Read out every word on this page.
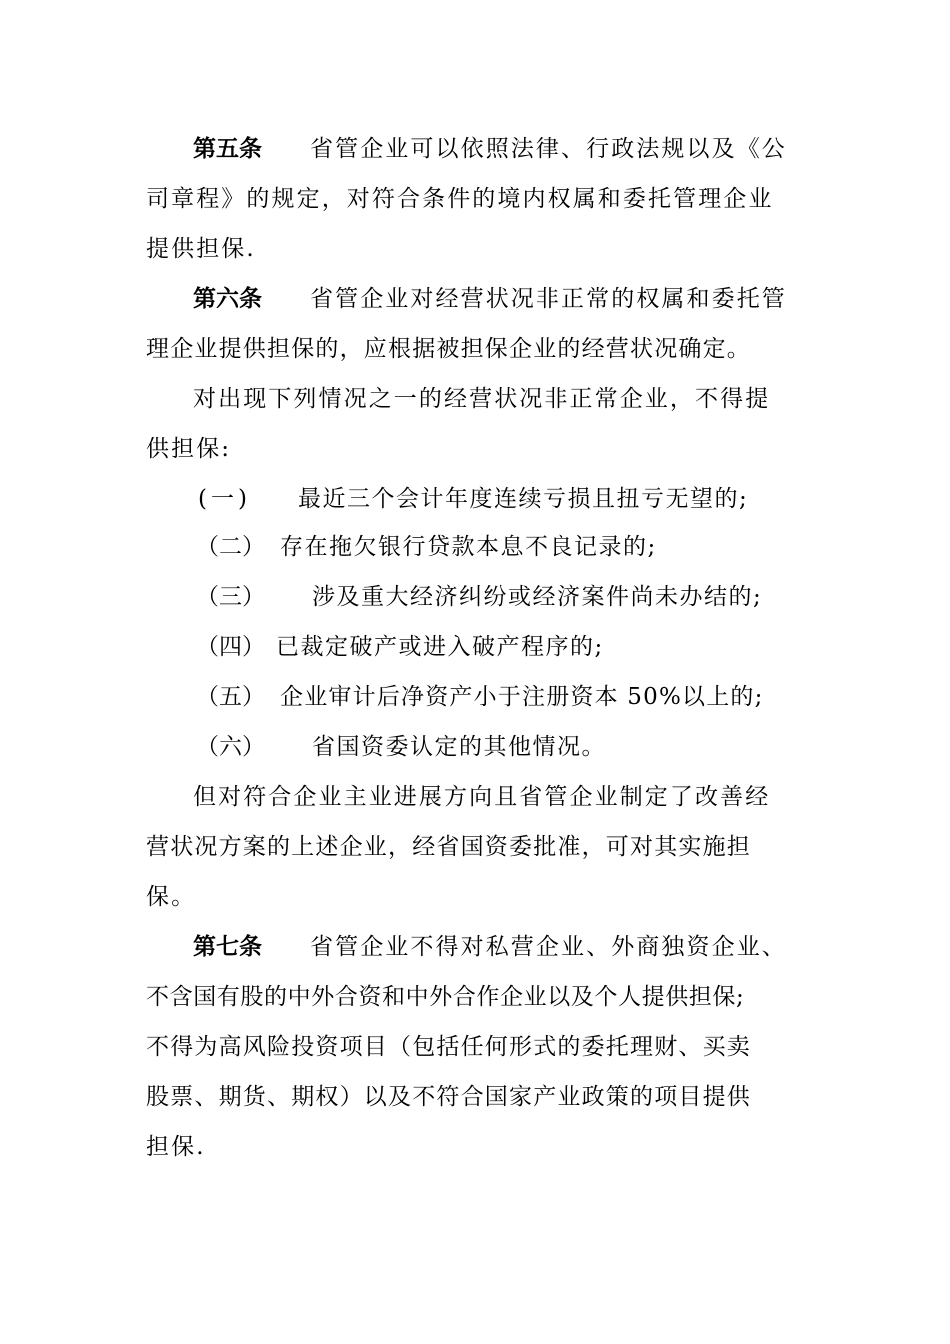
第五条	省管企业可以依照法律、行政法规以及《公
司章程》的规定，对符合条件的境内权属和委托管理企业
提供担保.
第六条	省管企业对经营状况非正常的权属和委托管
理企业提供担保的，应根据被担保企业的经营状况确定。
对出现下列情况之一的经营状况非正常企业，不得提
供担保:
(一) 最近三个会计年度连续亏损且扭亏无望的;
（二） 存在拖欠银行贷款本息不良记录的;
（三） 涉及重大经济纠纷或经济案件尚未办结的;
（四） 已裁定破产或进入破产程序的;
（五） 企业审计后净资产小于注册资本 50%以上的;
（六） 省国资委认定的其他情况。
但对符合企业主业进展方向且省管企业制定了改善经
营状况方案的上述企业，经省国资委批准，可对其实施担
保。
第七条	省管企业不得对私营企业、外商独资企业、
不含国有股的中外合资和中外合作企业以及个人提供担保;
不得为高风险投资项目（包括任何形式的委托理财、买卖
股票、期货、期权）以及不符合国家产业政策的项目提供
担保.
